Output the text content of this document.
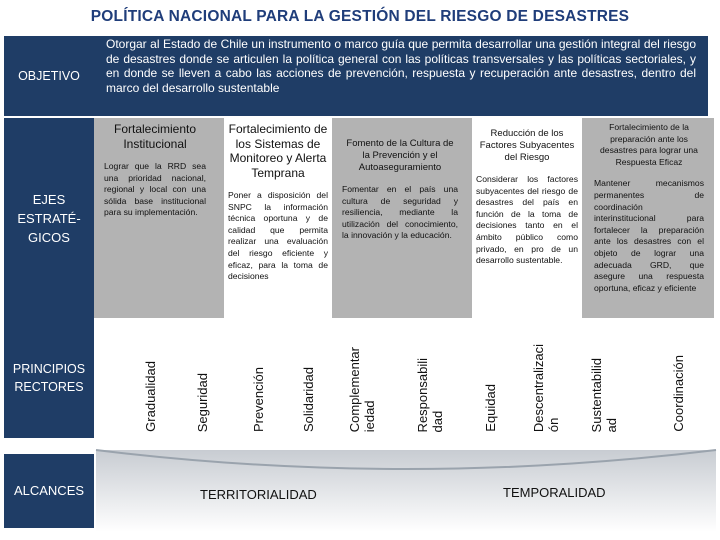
POLÍTICA NACIONAL PARA LA GESTIÓN DEL RIESGO DE DESASTRES
OBJETIVO
Otorgar al Estado de Chile un instrumento o marco guía que permita desarrollar una gestión integral del riesgo de desastres donde se articulen la política general con las políticas transversales y las políticas sectoriales, y en donde se lleven a cabo las acciones de prevención, respuesta y recuperación ante desastres, dentro del marco del desarrollo sustentable
EJES ESTRATÉ-GICOS
Fortalecimiento Institucional
Lograr que la RRD sea una prioridad nacional, regional y local con una sólida base institucional para su implementación.
Fortalecimiento de los Sistemas de Monitoreo y Alerta Temprana
Poner a disposición del SNPC la información técnica oportuna y de calidad que permita realizar una evaluación del riesgo eficiente y eficaz, para la toma de decisiones
Fomento de la Cultura de la Prevención y el Autoaseguramiento
Fomentar en el país una cultura de seguridad y resiliencia, mediante la utilización del conocimiento, la innovación y la educación.
Reducción de los Factores Subyacentes del Riesgo
Considerar los factores subyacentes del riesgo de desastres del país en función de la toma de decisiones tanto en el ámbito público como privado, en pro de un desarrollo sustentable.
Fortalecimiento de la preparación ante los desastres para lograr una Respuesta Eficaz
Mantener mecanismos permanentes de coordinación interinstitucional para fortalecer la preparación ante los desastres con el objeto de lograr una adecuada GRD, que asegure una respuesta oportuna, eficaz y eficiente
PRINCIPIOS RECTORES	Gradualidad	Seguridad	Prevención	Solidaridad Complementar
iedad	Responsabili
dad	Equidad	Descentralizaci
ón Sustentabilid
ad	Coordinación
ALCANCES	TERRITORIALIDAD	TEMPORALIDAD
